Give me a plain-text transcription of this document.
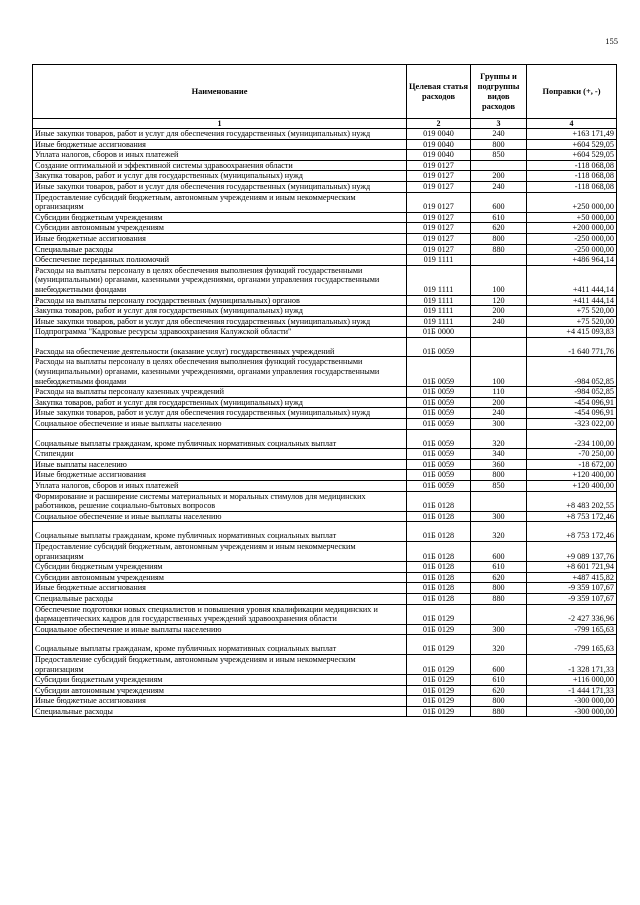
155
Наименование	Целевая статья расходов	Группы и подгруппы видов расходов	Поправки (+, -)
1	2	3	4
Иные закупки товаров, работ и услуг для обеспечения государственных (муниципальных) нужд	019 0040	240	+163 171,49
Иные бюджетные ассигнования	019 0040	800	+604 529,05
Уплата налогов, сборов и иных платежей	019 0040	850	+604 529,05
Создание оптимальной и эффективной системы здравоохранения области	019 0127		-118 068,08
Закупка товаров, работ и услуг для государственных (муниципальных) нужд	019 0127	200	-118 068,08
Иные закупки товаров, работ и услуг для обеспечения государственных (муниципальных) нужд	019 0127	240	-118 068,08
Предоставление субсидий бюджетным, автономным учреждениям и иным некоммерческим организациям	019 0127	600	+250 000,00
Субсидии бюджетным учреждениям	019 0127	610	+50 000,00
Субсидии автономным учреждениям	019 0127	620	+200 000,00
Иные бюджетные ассигнования	019 0127	800	-250 000,00
Специальные расходы	019 0127	880	-250 000,00
Обеспечение переданных полномочий	019 1111		+486 964,14
Расходы на выплаты персоналу в целях обеспечения выполнения функций государственными (муниципальными) органами, казенными учреждениями, органами управления государственными внебюджетными фондами	019 1111	100	+411 444,14
Расходы на выплаты персоналу государственных (муниципальных) органов	019 1111	120	+411 444,14
Закупка товаров, работ и услуг для государственных (муниципальных) нужд	019 1111	200	+75 520,00
Иные закупки товаров, работ и услуг для обеспечения государственных (муниципальных) нужд	019 1111	240	+75 520,00
Подпрограмма "Кадровые ресурсы здравоохранения Калужской области"	01Б 0000		+4 415 093,83
Расходы на обеспечение деятельности (оказание услуг) государственных учреждений	01Б 0059		-1 640 771,76
Расходы на выплаты персоналу в целях обеспечения выполнения функций государственными (муниципальными) органами, казенными учреждениями, органами управления государственными внебюджетными фондами	01Б 0059	100	-984 052,85
Расходы на выплаты персоналу казенных учреждений	01Б 0059	110	-984 052,85
Закупка товаров, работ и услуг для государственных (муниципальных) нужд	01Б 0059	200	-454 096,91
Иные закупки товаров, работ и услуг для обеспечения государственных (муниципальных) нужд	01Б 0059	240	-454 096,91
Социальное обеспечение и иные выплаты населению	01Б 0059	300	-323 022,00
Социальные выплаты гражданам, кроме публичных нормативных социальных выплат	01Б 0059	320	-234 100,00
Стипендии	01Б 0059	340	-70 250,00
Иные выплаты населению	01Б 0059	360	-18 672,00
Иные бюджетные ассигнования	01Б 0059	800	+120 400,00
Уплата налогов, сборов и иных платежей	01Б 0059	850	+120 400,00
Формирование и расширение системы материальных и моральных стимулов для медицинских работников, решение социально-бытовых вопросов	01Б 0128		+8 483 202,55
Социальное обеспечение и иные выплаты населению	01Б 0128	300	+8 753 172,46
Социальные выплаты гражданам, кроме публичных нормативных социальных выплат	01Б 0128	320	+8 753 172,46
Предоставление субсидий бюджетным, автономным учреждениям и иным некоммерческим организациям	01Б 0128	600	+9 089 137,76
Субсидии бюджетным учреждениям	01Б 0128	610	+8 601 721,94
Субсидии автономным учреждениям	01Б 0128	620	+487 415,82
Иные бюджетные ассигнования	01Б 0128	800	-9 359 107,67
Специальные расходы	01Б 0128	880	-9 359 107,67
Обеспечение подготовки новых специалистов и повышения уровня квалификации медицинских и фармацевтических кадров для государственных учреждений здравоохранения области	01Б 0129		-2 427 336,96
Социальное обеспечение и иные выплаты населению	01Б 0129	300	-799 165,63
Социальные выплаты гражданам, кроме публичных нормативных социальных выплат	01Б 0129	320	-799 165,63
Предоставление субсидий бюджетным, автономным учреждениям и иным некоммерческим организациям	01Б 0129	600	-1 328 171,33
Субсидии бюджетным учреждениям	01Б 0129	610	+116 000,00
Субсидии автономным учреждениям	01Б 0129	620	-1 444 171,33
Иные бюджетные ассигнования	01Б 0129	800	-300 000,00
Специальные расходы	01Б 0129	880	-300 000,00
